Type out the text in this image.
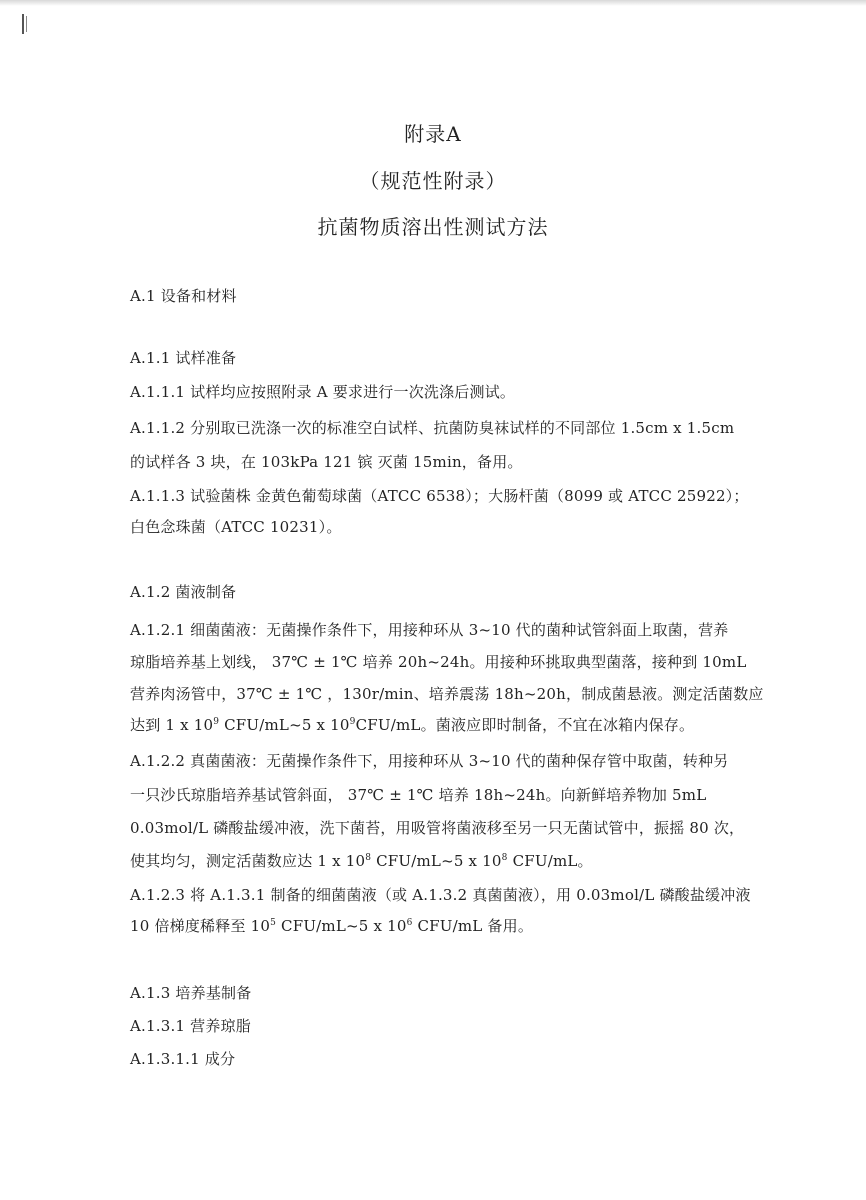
附录A
（规范性附录）
抗菌物质溶出性测试方法
A.1 设备和材料
A.1.1 试样准备
A.1.1.1 试样均应按照附录 A 要求进行一次洗涤后测试。
A.1.1.2 分别取已洗涤一次的标准空白试样、抗菌防臭袜试样的不同部位 1.5cm x 1.5cm
的试样各 3 块，在 103kPa 121 镔 灭菌 15min，备用。
A.1.1.3 试验菌株 金黄色葡萄球菌（ATCC 6538）；大肠杆菌（8099 或 ATCC 25922）；
白色念珠菌（ATCC 10231）。
A.1.2 菌液制备
A.1.2.1 细菌菌液：无菌操作条件下，用接种环从 3~10 代的菌种试管斜面上取菌，营养
琼脂培养基上划线， 37℃ ± 1℃ 培养 20h~24h。用接种环挑取典型菌落，接种到 10mL
营养肉汤管中，37℃ ± 1℃ ，130r/min、培养震荡 18h~20h，制成菌悬液。测定活菌数应
达到 1 x $10^9$ CFU/mL~5 x $10^9CFU/mL$。菌液应即时制备，不宜在冰箱内保存。
A.1.2.2 真菌菌液：无菌操作条件下，用接种环从 3~10 代的菌种保存管中取菌，转种另
一只沙氏琼脂培养基试管斜面， 37℃ ± 1℃ 培养 18h~24h。向新鲜培养物加 5mL
0.03mol/L 磷酸盐缓冲液，洗下菌苔，用吸管将菌液移至另一只无菌试管中，振摇 80 次，
使其均匀，测定活菌数应达 1 x $10^8$ CFU/mL~5 x $10^8$ CFU/mL。
A.1.2.3 将 A.1.3.1 制备的细菌菌液（或 A.1.3.2 真菌菌液），用 0.03mol/L 磷酸盐缓冲液
10 倍梯度稀释至 $10^5$ CFU/mL~5 x $10^6$ CFU/mL 备用。
A.1.3 培养基制备
A.1.3.1 营养琼脂
A.1.3.1.1 成分
